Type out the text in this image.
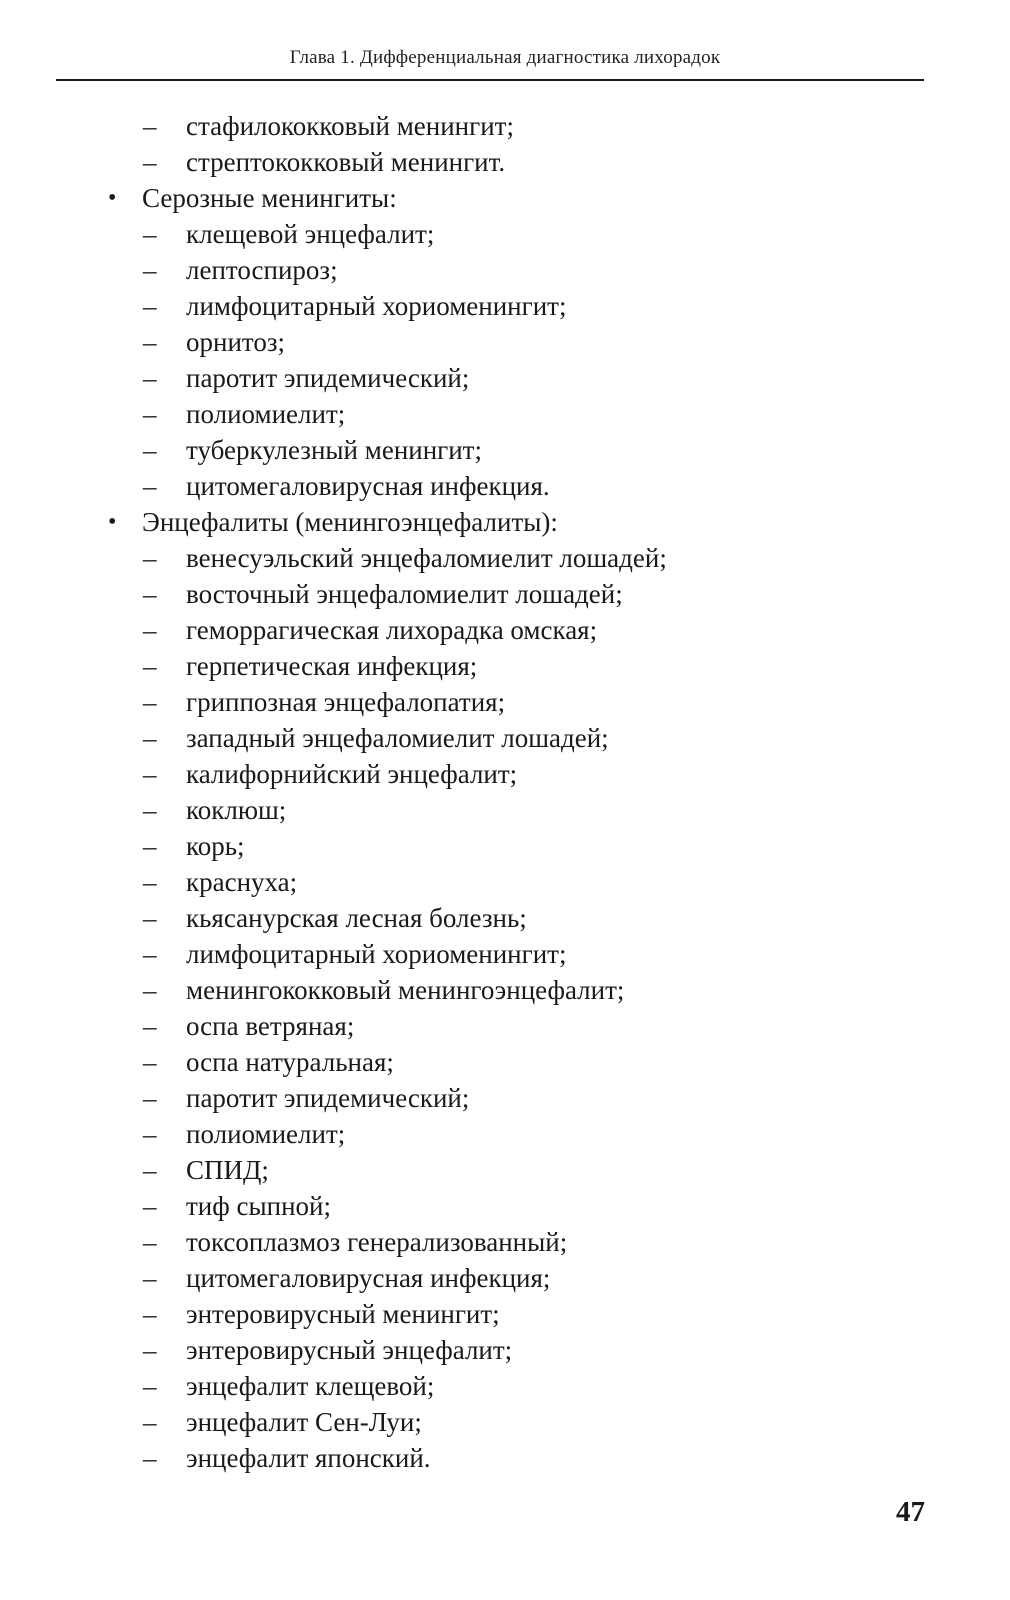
Глава 1. Дифференциальная диагностика лихорадок
– стафилококковый менингит;
– стрептококковый менингит.
• Серозные менингиты:
– клещевой энцефалит;
– лептоспироз;
– лимфоцитарный хориоменингит;
– орнитоз;
– паротит эпидемический;
– полиомиелит;
– туберкулезный менингит;
– цитомегаловирусная инфекция.
• Энцефалиты (менингоэнцефалиты):
– венесуэльский энцефаломиелит лошадей;
– восточный энцефаломиелит лошадей;
– геморрагическая лихорадка омская;
– герпетическая инфекция;
– гриппозная энцефалопатия;
– западный энцефаломиелит лошадей;
– калифорнийский энцефалит;
– коклюш;
– корь;
– краснуха;
– кьясанурская лесная болезнь;
– лимфоцитарный хориоменингит;
– менингококковый менингоэнцефалит;
– оспа ветряная;
– оспа натуральная;
– паротит эпидемический;
– полиомиелит;
– СПИД;
– тиф сыпной;
– токсоплазмоз генерализованный;
– цитомегаловирусная инфекция;
– энтеровирусный менингит;
– энтеровирусный энцефалит;
– энцефалит клещевой;
– энцефалит Сен-Луи;
– энцефалит японский.
47
